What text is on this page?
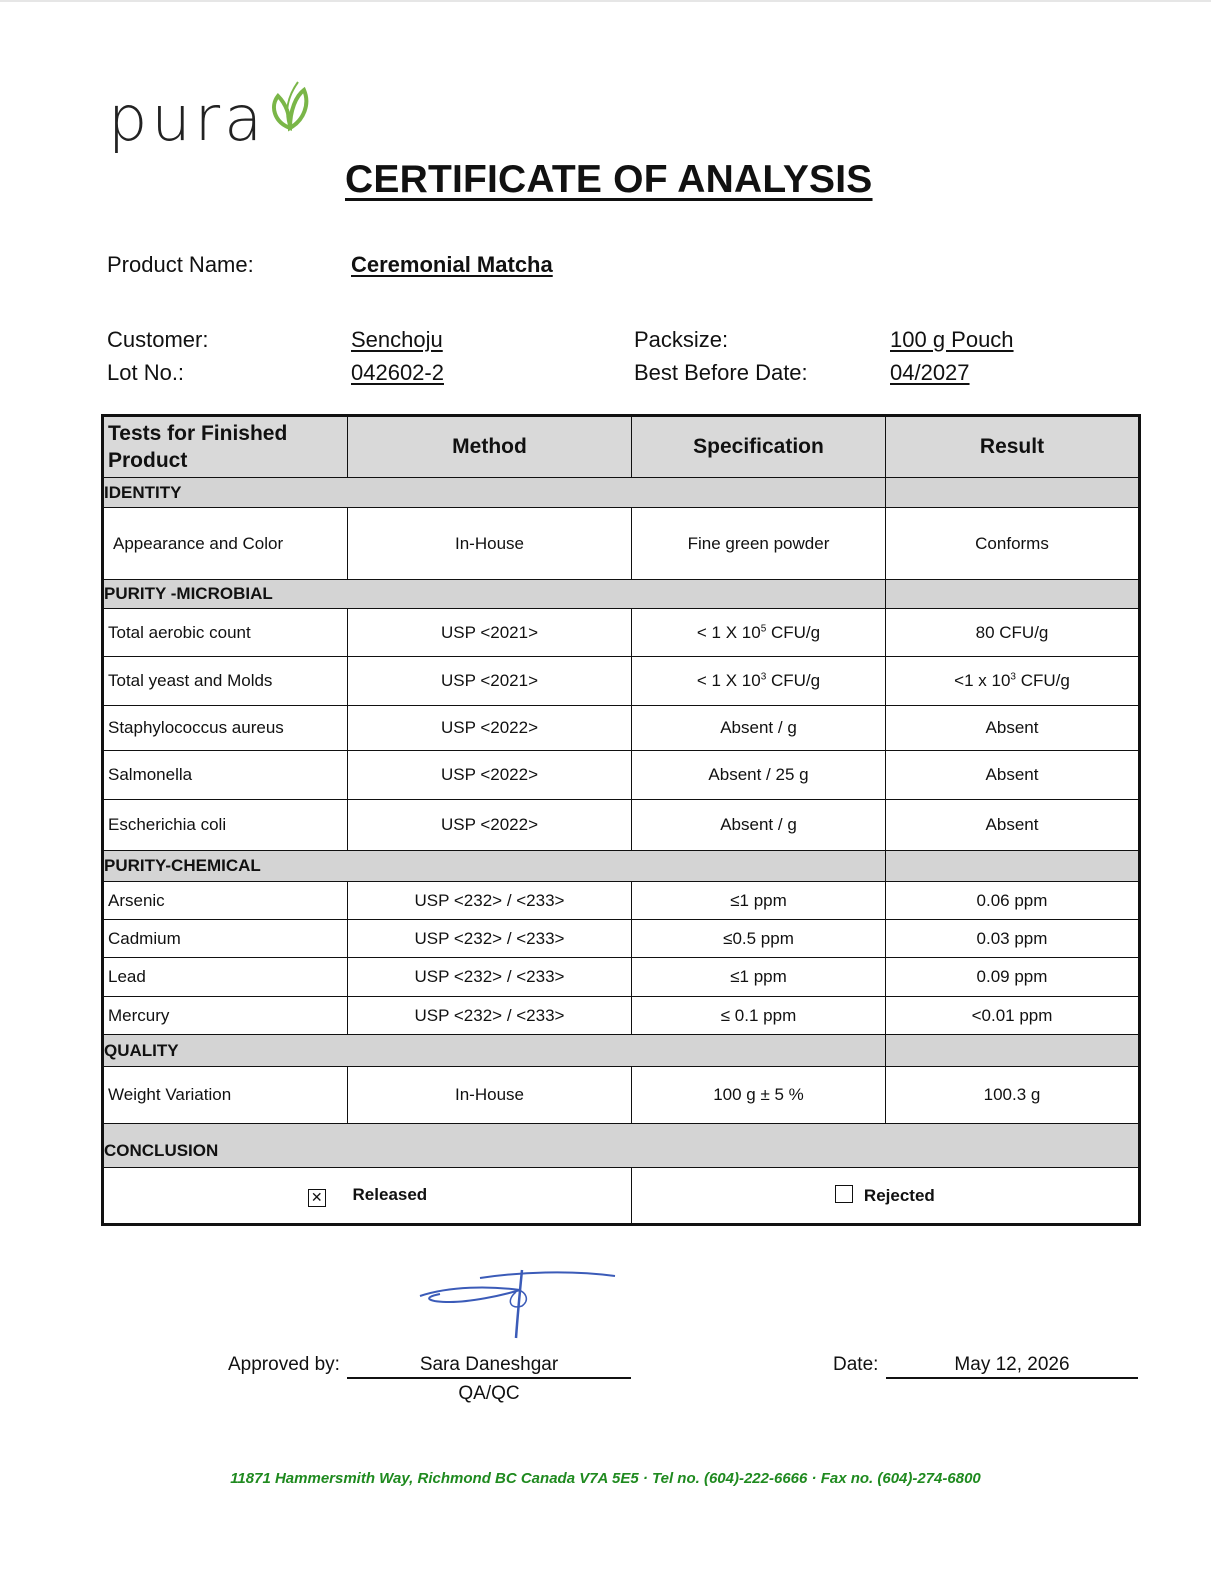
pura
CERTIFICATE OF ANALYSIS
Product Name:	Ceremonial Matcha
Customer:	Senchoju
Lot No.:	042602-2
Packsize:	100 g Pouch
Best Before Date:	04/2027
Tests for Finished Product	Method	Specification	Result
IDENTITY			
Appearance and Color	In-House	Fine green powder	Conforms
PURITY -MICROBIAL			
Total aerobic count	USP <2021>	< 1 X $10^5$ CFU/g	80 CFU/g
Total yeast and Molds	USP <2021>	< 1 X $10^3$ CFU/g	<1 x $10^3$ CFU/g
Staphylococcus aureus	USP <2022>	Absent / g	Absent
Salmonella	USP <2022>	Absent / 25 g	Absent
Escherichia coli	USP <2022>	Absent / g	Absent
PURITY-CHEMICAL			
Arsenic	USP <232> / <233>	≤1 ppm	0.06 ppm
Cadmium	USP <232> / <233>	≤0.5 ppm	0.03 ppm
Lead	USP <232> / <233>	≤1 ppm	0.09 ppm
Mercury	USP <232> / <233>	≤ 0.1 ppm	<0.01 ppm
QUALITY			
Weight Variation	In-House	100 g ± 5 %	100.3 g
CONCLUSION			
✕ Released		Rejected	
Approved by:	Sara Daneshgar
QA/QC
Date:	May 12, 2026
11871 Hammersmith Way, Richmond BC Canada V7A 5E5 · Tel no. (604)-222-6666 · Fax no. (604)-274-6800
